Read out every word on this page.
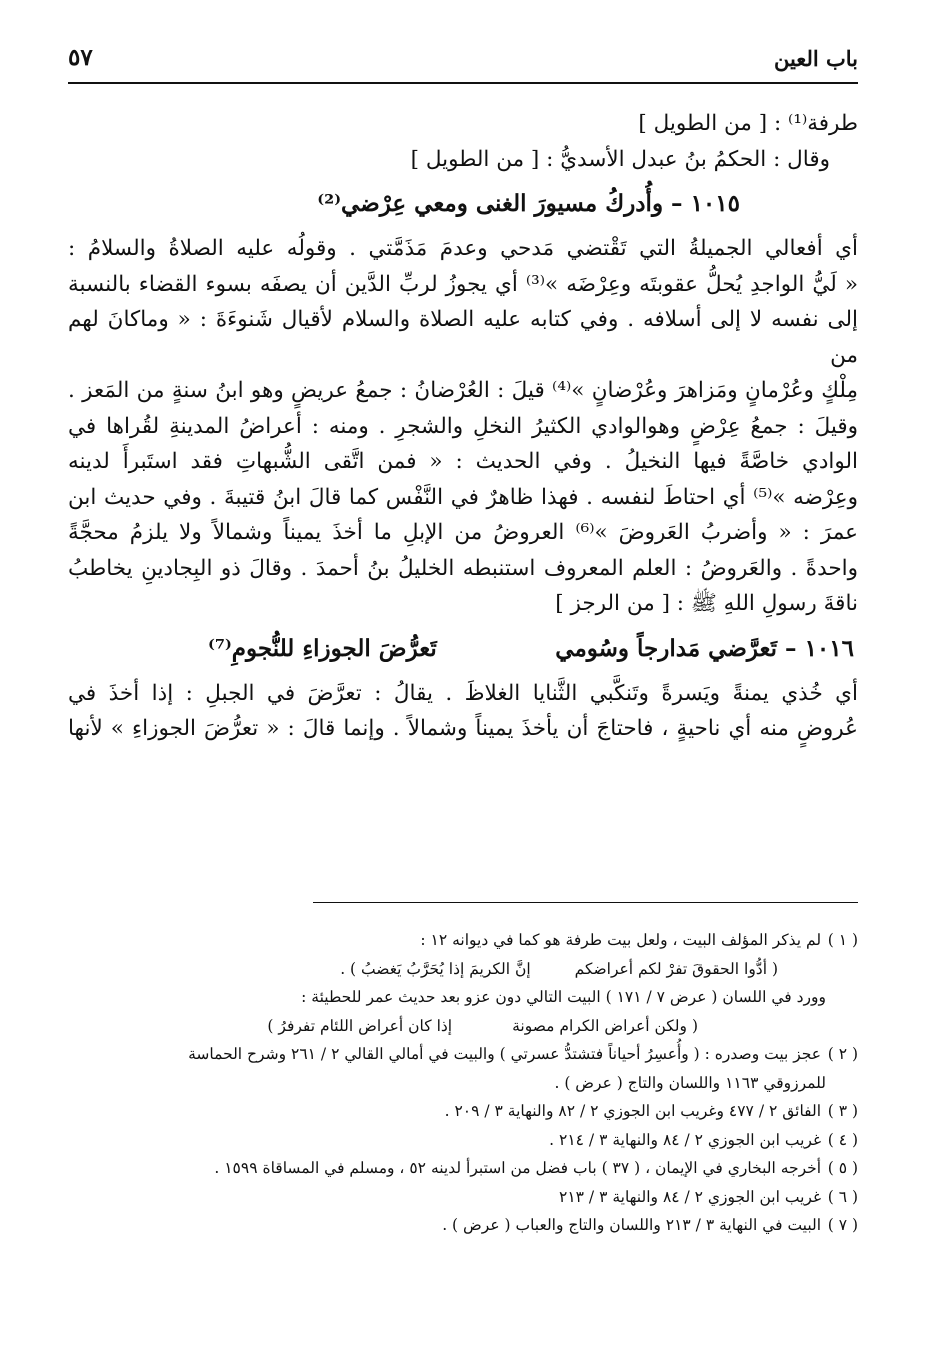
باب العين
٥٧

طرفة⁽¹⁾ : [ من الطويل ]

وقال : الحكمُ بنُ عبدل الأسديُّ : [ من الطويل ]

١٠١٥ – وأُدركُ مسيورَ الغنى ومعي عِرْضي⁽²⁾

أي أفعالي الجميلةُ التي تَقْتضي مَدحي وعدمَ مَذَمَّتي . وقولُه عليه الصلاةُ والسلامُ :

« لَيُّ الواجدِ يُحلُّ عقوبتَه وعِرْضَه »⁽³⁾ أي يجوزُ لربِّ الدَّين أن يصفَه بسوء القضاء بالنسبة

إلى نفسه لا إلى أسلافه . وفي كتابه عليه الصلاة والسلام لأقيال شَنوءَةَ : « وماكانَ لهم من

مِلْكٍ وعُرْمانٍ ومَزاهرَ وعُرْضانٍ »⁽⁴⁾ قيلَ : العُرْضانُ : جمعُ عريضٍ وهو ابنُ سنةٍ من المَعز .

وقيلَ : جمعُ عِرْضٍ وهوالوادي الكثيرُ النخلِ والشجرِ . ومنه : أعراضُ المدينةِ لقُراها في

الوادي خاصَّةً فيها النخيلُ . وفي الحديث : « فمن اتَّقى الشُّبهاتِ فقد استَبرأَ لدينه

وعِرْضه »⁽⁵⁾ أي احتاطَ لنفسه . فهذا ظاهرٌ في النَّفْس كما قالَ ابنُ قتيبةَ . وفي حديث ابن

عمرَ : « وأضربُ العَروضَ »⁽⁶⁾ العروضُ من الإبلِ ما أخذَ يميناً وشمالاً ولا يلزمُ محجَّةً

واحدةً . والعَروضُ : العلم المعروف استنبطه الخليلُ بنُ أحمدَ . وقالَ ذو البِجادينِ يخاطبُ

ناقةَ رسولِ اللهِ ﷺ : [ من الرجز ]

١٠١٦ – تَعرَّضي مَدارجاً وسُومي
تَعرُّضَ الجوزاءِ للنُّجومِ⁽⁷⁾

أي خُذي يمنةً ويَسرةً وتَنكَّبي الثَّنايا الغلاظَ . يقالُ : تعرَّضَ في الجبلِ : إذا أخذَ في

عُروضٍ منه أي ناحيةٍ ، فاحتاجَ أن يأخذَ يميناً وشمالاً . وإنما قالَ : « تعرُّضَ الجوزاءِ » لأنها

( ١ ) لم يذكر المؤلف البيت ، ولعل بيت طرفة هو كما في ديوانه ١٢ :

( أدُّوا الحقوقَ تفرْ لكم أعراضكم
إنَّ الكريمَ إذا يُحَرَّبُ يَغضبُ ) .

وورد في اللسان ( عرض ٧ / ١٧١ ) البيت التالي دون عزو بعد حديث عمر للحطيئة :

( ولكن أعراض الكرام مصونة
إذا كان أعراض اللئام تفرفرُ )

( ٢ ) عجز بيت وصدره : ( وأُعسِرُ أحياناً فتشتدُّ عسرتي ) والبيت في أمالي القالي ٢ / ٢٦١ وشرح الحماسة

للمرزوقي ١١٦٣ واللسان والتاج ( عرض ) .

( ٣ ) الفائق ٢ / ٤٧٧ وغريب ابن الجوزي ٢ / ٨٢ والنهاية ٣ / ٢٠٩ .

( ٤ ) غريب ابن الجوزي ٢ / ٨٤ والنهاية ٣ / ٢١٤ .

( ٥ ) أخرجه البخاري في الإيمان ، ( ٣٧ ) باب فضل من استبرأ لدينه ٥٢ ، ومسلم في المساقاة ١٥٩٩ .

( ٦ ) غريب ابن الجوزي ٢ / ٨٤ والنهاية ٣ / ٢١٣

( ٧ ) البيت في النهاية ٣ / ٢١٣ واللسان والتاج والعباب ( عرض ) .
